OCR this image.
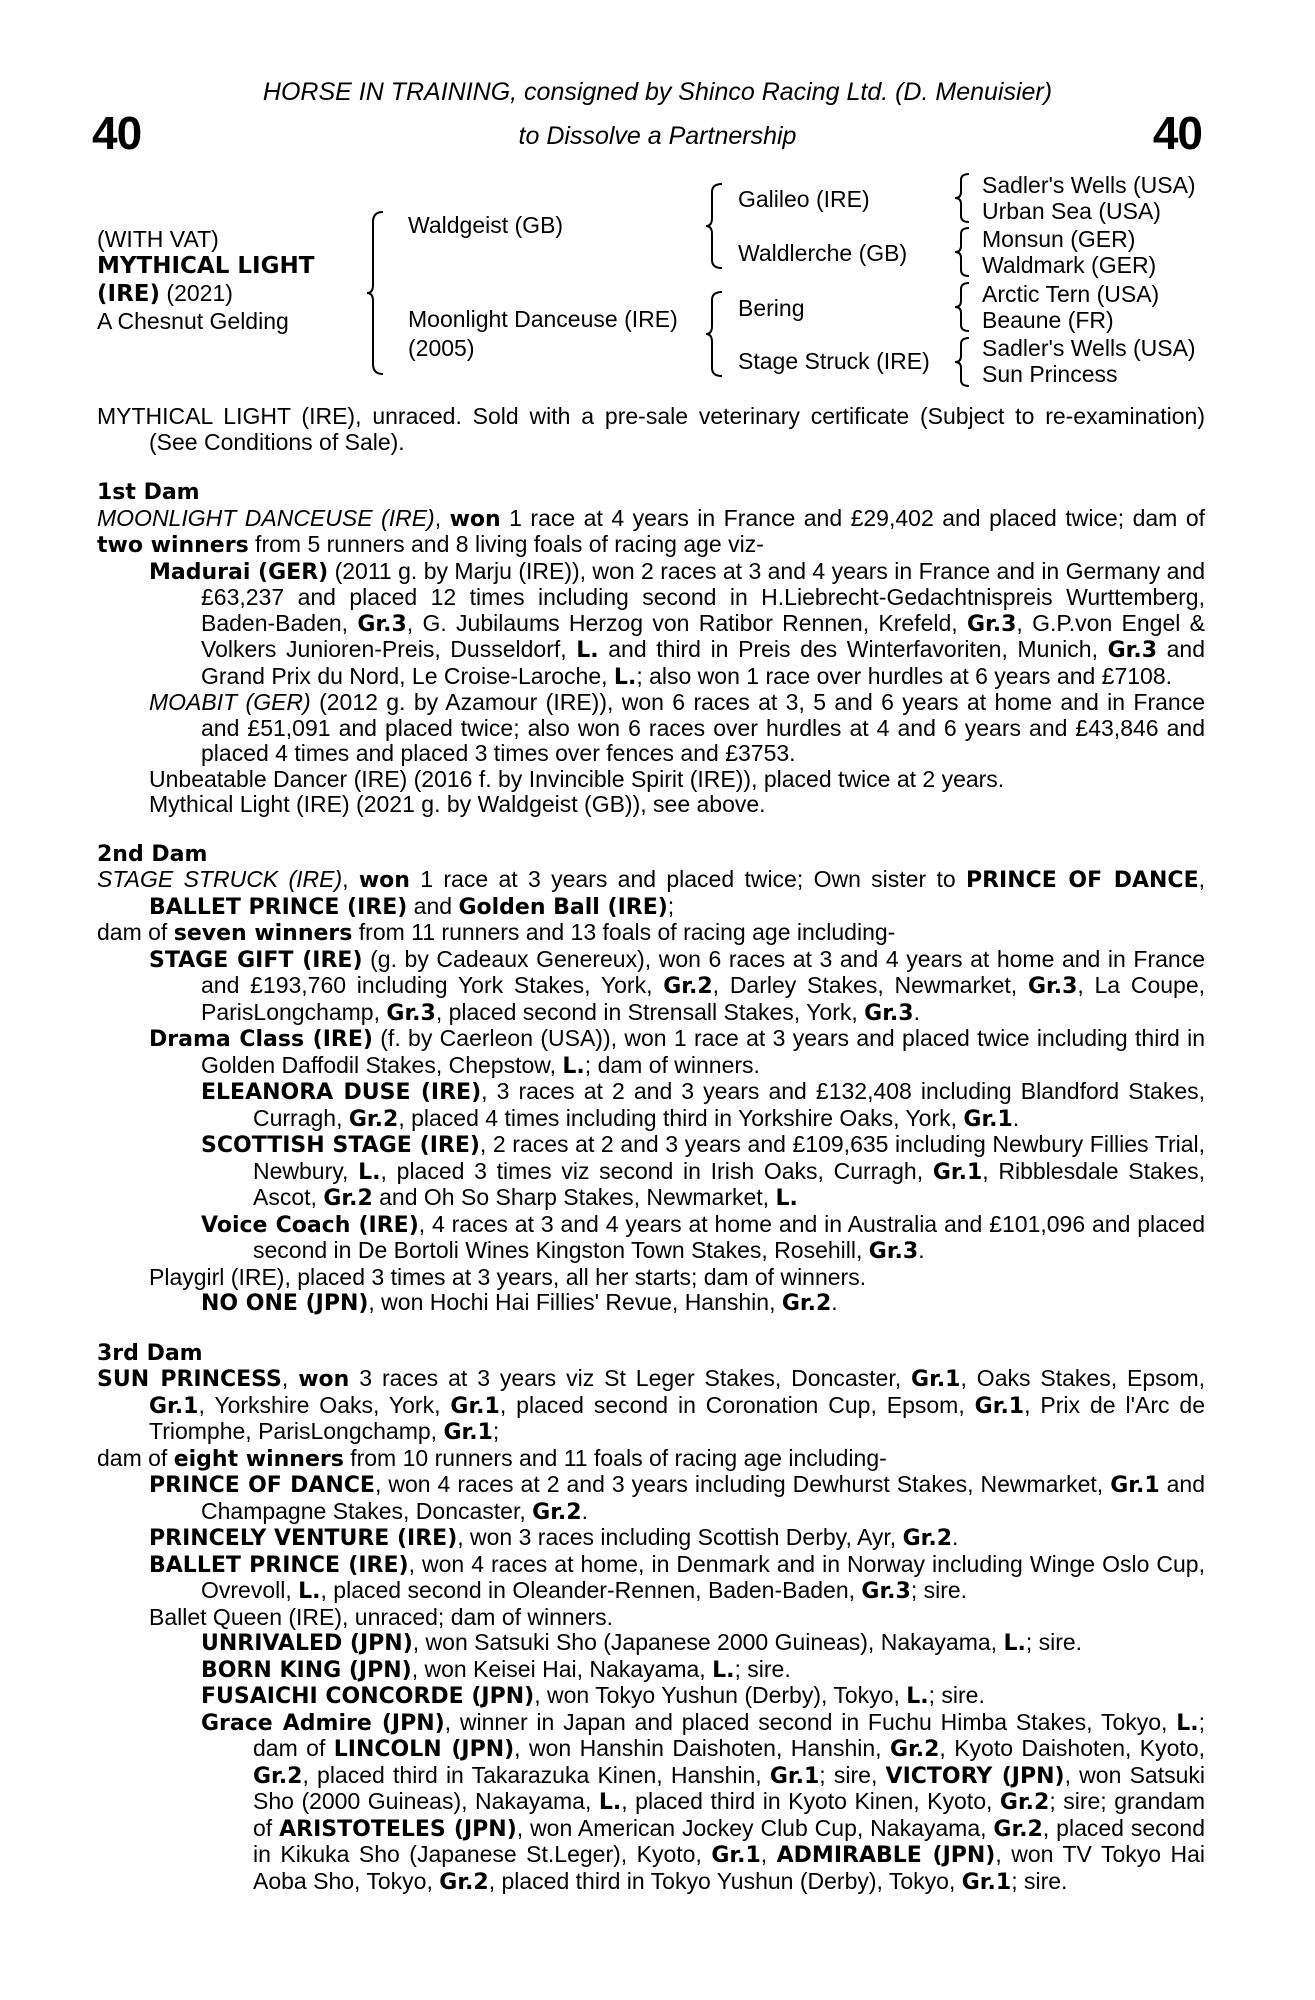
40	40
HORSE IN TRAINING, consigned by Shinco Racing Ltd. (D. Menuisier)
to Dissolve a Partnership
(WITH VAT)
MYTHICAL LIGHT
(IRE) (2021)
A Chesnut Gelding
Waldgeist (GB)
Moonlight Danceuse (IRE)
(2005)
Galileo (IRE)
Waldlerche (GB)
Bering
Stage Struck (IRE)
Sadler's Wells (USA)
Urban Sea (USA)
Monsun (GER)
Waldmark (GER)
Arctic Tern (USA)
Beaune (FR)
Sadler's Wells (USA)
Sun Princess

MYTHICAL LIGHT (IRE), unraced. Sold with a pre-sale veterinary certificate (Subject to re-examination) (See Conditions of Sale).

1st Dam

MOONLIGHT DANCEUSE (IRE), won 1 race at 4 years in France and £29,402 and placed twice; dam of two winners from 5 runners and 8 living foals of racing age viz-

Madurai (GER) (2011 g. by Marju (IRE)), won 2 races at 3 and 4 years in France and in Germany and £63,237 and placed 12 times including second in H.Liebrecht-Gedachtnispreis Wurttemberg, Baden-Baden, Gr.3, G. Jubilaums Herzog von Ratibor Rennen, Krefeld, Gr.3, G.P.von Engel & Volkers Junioren-Preis, Dusseldorf, L. and third in Preis des Winterfavoriten, Munich, Gr.3 and Grand Prix du Nord, Le Croise-Laroche, L.; also won 1 race over hurdles at 6 years and £7108.

MOABIT (GER) (2012 g. by Azamour (IRE)), won 6 races at 3, 5 and 6 years at home and in France and £51,091 and placed twice; also won 6 races over hurdles at 4 and 6 years and £43,846 and placed 4 times and placed 3 times over fences and £3753.

Unbeatable Dancer (IRE) (2016 f. by Invincible Spirit (IRE)), placed twice at 2 years.

Mythical Light (IRE) (2021 g. by Waldgeist (GB)), see above.

2nd Dam

STAGE STRUCK (IRE), won 1 race at 3 years and placed twice; Own sister to PRINCE OF DANCE, BALLET PRINCE (IRE) and Golden Ball (IRE);

dam of seven winners from 11 runners and 13 foals of racing age including-

STAGE GIFT (IRE) (g. by Cadeaux Genereux), won 6 races at 3 and 4 years at home and in France and £193,760 including York Stakes, York, Gr.2, Darley Stakes, Newmarket, Gr.3, La Coupe, ParisLongchamp, Gr.3, placed second in Strensall Stakes, York, Gr.3.

Drama Class (IRE) (f. by Caerleon (USA)), won 1 race at 3 years and placed twice including third in Golden Daffodil Stakes, Chepstow, L.; dam of winners.

ELEANORA DUSE (IRE), 3 races at 2 and 3 years and £132,408 including Blandford Stakes, Curragh, Gr.2, placed 4 times including third in Yorkshire Oaks, York, Gr.1.

SCOTTISH STAGE (IRE), 2 races at 2 and 3 years and £109,635 including Newbury Fillies Trial, Newbury, L., placed 3 times viz second in Irish Oaks, Curragh, Gr.1, Ribblesdale Stakes, Ascot, Gr.2 and Oh So Sharp Stakes, Newmarket, L.

Voice Coach (IRE), 4 races at 3 and 4 years at home and in Australia and £101,096 and placed second in De Bortoli Wines Kingston Town Stakes, Rosehill, Gr.3.

Playgirl (IRE), placed 3 times at 3 years, all her starts; dam of winners.

NO ONE (JPN), won Hochi Hai Fillies' Revue, Hanshin, Gr.2.

3rd Dam

SUN PRINCESS, won 3 races at 3 years viz St Leger Stakes, Doncaster, Gr.1, Oaks Stakes, Epsom, Gr.1, Yorkshire Oaks, York, Gr.1, placed second in Coronation Cup, Epsom, Gr.1, Prix de l'Arc de Triomphe, ParisLongchamp, Gr.1;

dam of eight winners from 10 runners and 11 foals of racing age including-

PRINCE OF DANCE, won 4 races at 2 and 3 years including Dewhurst Stakes, Newmarket, Gr.1 and Champagne Stakes, Doncaster, Gr.2.

PRINCELY VENTURE (IRE), won 3 races including Scottish Derby, Ayr, Gr.2.

BALLET PRINCE (IRE), won 4 races at home, in Denmark and in Norway including Winge Oslo Cup, Ovrevoll, L., placed second in Oleander-Rennen, Baden-Baden, Gr.3; sire.

Ballet Queen (IRE), unraced; dam of winners.

UNRIVALED (JPN), won Satsuki Sho (Japanese 2000 Guineas), Nakayama, L.; sire.

BORN KING (JPN), won Keisei Hai, Nakayama, L.; sire.

FUSAICHI CONCORDE (JPN), won Tokyo Yushun (Derby), Tokyo, L.; sire.

Grace Admire (JPN), winner in Japan and placed second in Fuchu Himba Stakes, Tokyo, L.; dam of LINCOLN (JPN), won Hanshin Daishoten, Hanshin, Gr.2, Kyoto Daishoten, Kyoto, Gr.2, placed third in Takarazuka Kinen, Hanshin, Gr.1; sire, VICTORY (JPN), won Satsuki Sho (2000 Guineas), Nakayama, L., placed third in Kyoto Kinen, Kyoto, Gr.2; sire; grandam of ARISTOTELES (JPN), won American Jockey Club Cup, Nakayama, Gr.2, placed second in Kikuka Sho (Japanese St.Leger), Kyoto, Gr.1, ADMIRABLE (JPN), won TV Tokyo Hai Aoba Sho, Tokyo, Gr.2, placed third in Tokyo Yushun (Derby), Tokyo, Gr.1; sire.
